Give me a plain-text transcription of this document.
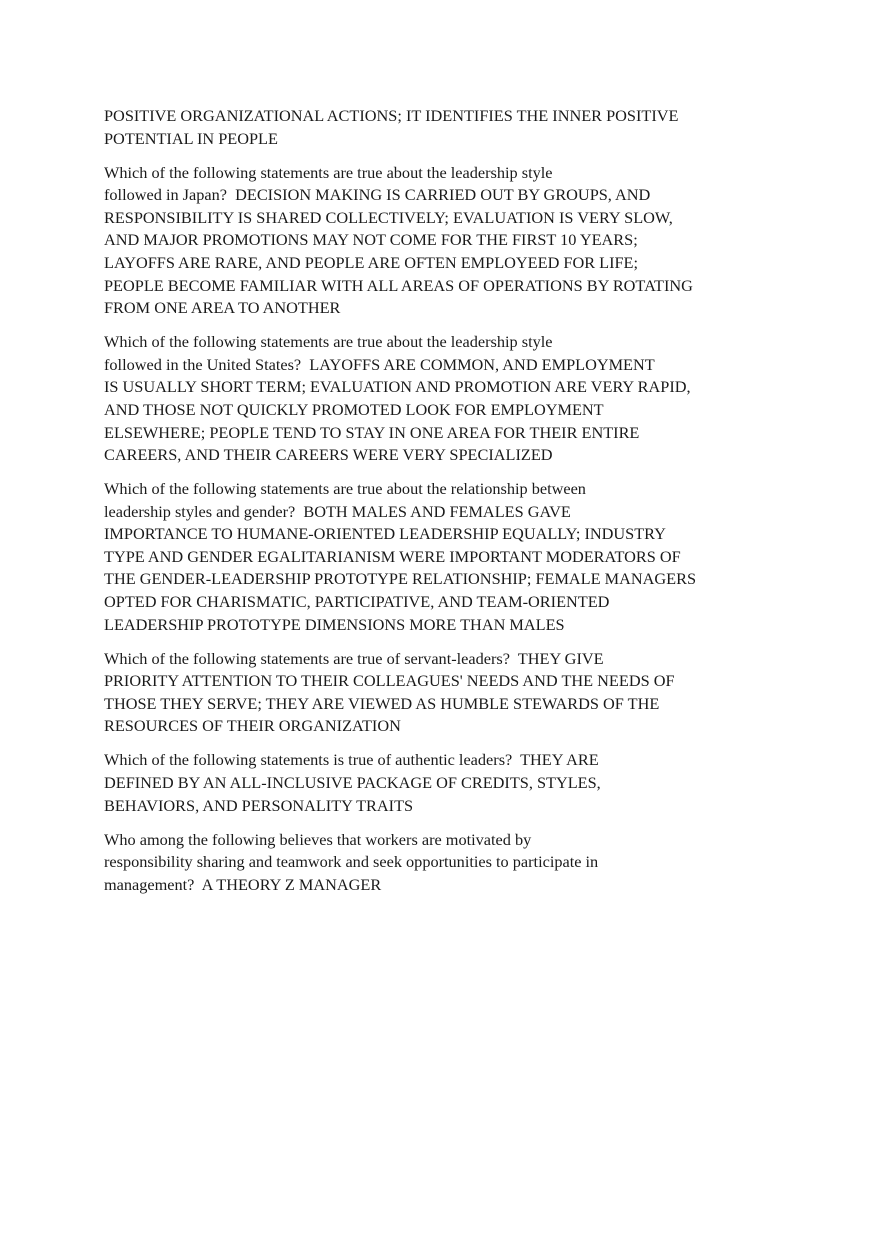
POSITIVE ORGANIZATIONAL ACTIONS; IT IDENTIFIES THE INNER POSITIVE
POTENTIAL IN PEOPLE
Which of the following statements are true about the leadership style
followed in Japan?  DECISION MAKING IS CARRIED OUT BY GROUPS, AND
RESPONSIBILITY IS SHARED COLLECTIVELY; EVALUATION IS VERY SLOW,
AND MAJOR PROMOTIONS MAY NOT COME FOR THE FIRST 10 YEARS;
LAYOFFS ARE RARE, AND PEOPLE ARE OFTEN EMPLOYEED FOR LIFE;
PEOPLE BECOME FAMILIAR WITH ALL AREAS OF OPERATIONS BY ROTATING
FROM ONE AREA TO ANOTHER
Which of the following statements are true about the leadership style
followed in the United States?  LAYOFFS ARE COMMON, AND EMPLOYMENT
IS USUALLY SHORT TERM; EVALUATION AND PROMOTION ARE VERY RAPID,
AND THOSE NOT QUICKLY PROMOTED LOOK FOR EMPLOYMENT
ELSEWHERE; PEOPLE TEND TO STAY IN ONE AREA FOR THEIR ENTIRE
CAREERS, AND THEIR CAREERS WERE VERY SPECIALIZED
Which of the following statements are true about the relationship between
leadership styles and gender?  BOTH MALES AND FEMALES GAVE
IMPORTANCE TO HUMANE-ORIENTED LEADERSHIP EQUALLY; INDUSTRY
TYPE AND GENDER EGALITARIANISM WERE IMPORTANT MODERATORS OF
THE GENDER-LEADERSHIP PROTOTYPE RELATIONSHIP; FEMALE MANAGERS
OPTED FOR CHARISMATIC, PARTICIPATIVE, AND TEAM-ORIENTED
LEADERSHIP PROTOTYPE DIMENSIONS MORE THAN MALES
Which of the following statements are true of servant-leaders?  THEY GIVE
PRIORITY ATTENTION TO THEIR COLLEAGUES' NEEDS AND THE NEEDS OF
THOSE THEY SERVE; THEY ARE VIEWED AS HUMBLE STEWARDS OF THE
RESOURCES OF THEIR ORGANIZATION
Which of the following statements is true of authentic leaders?  THEY ARE
DEFINED BY AN ALL-INCLUSIVE PACKAGE OF CREDITS, STYLES,
BEHAVIORS, AND PERSONALITY TRAITS
Who among the following believes that workers are motivated by
responsibility sharing and teamwork and seek opportunities to participate in
management?  A THEORY Z MANAGER
